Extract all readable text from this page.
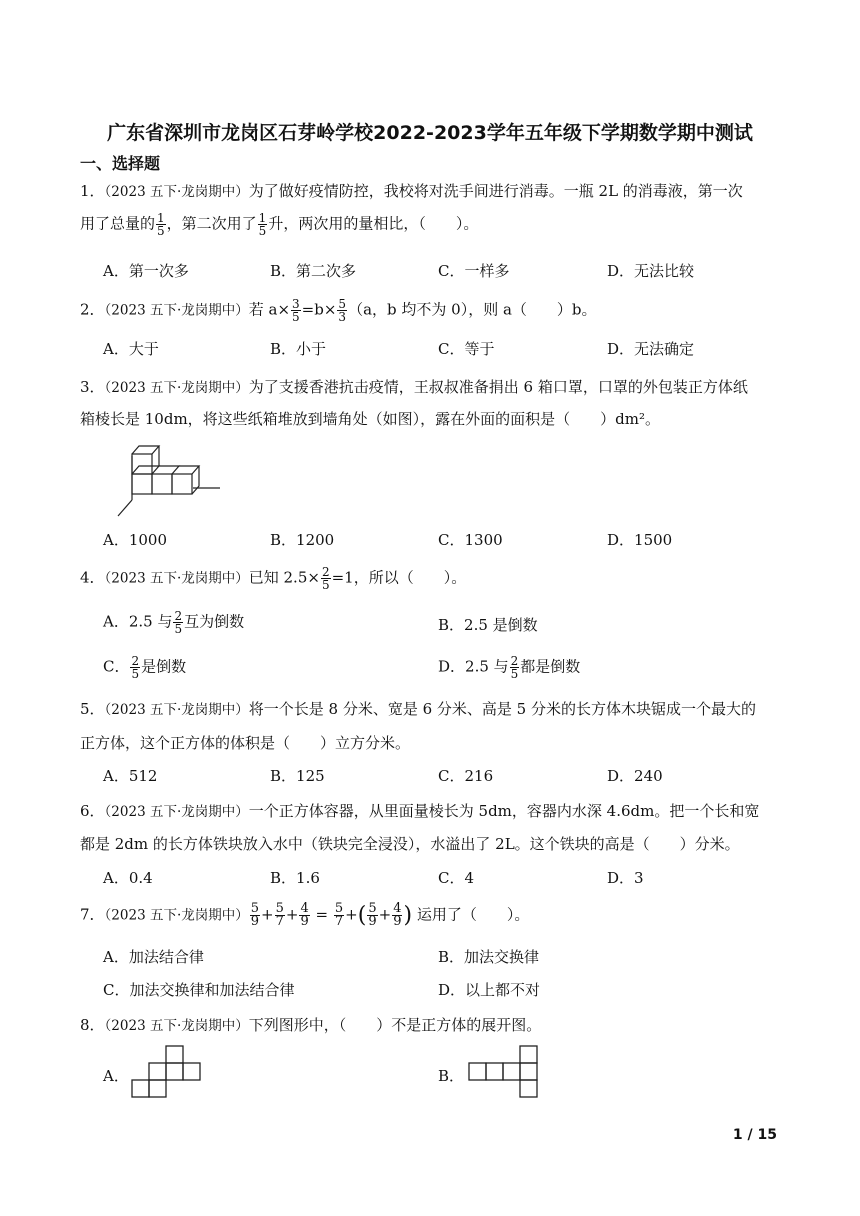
广东省深圳市龙岗区石芽岭学校2022-2023学年五年级下学期数学期中测试
一、选择题
1．（2023 五下·龙岗期中）为了做好疫情防控，我校将对洗手间进行消毒。一瓶 2L 的消毒液，第一次
用了总量的 $\frac{1}{5}$ ，第二次用了 $\frac{1}{5}$ 升，两次用的量相比，（　　）。
A．第一次多	B．第二次多	C．一样多	D．无法比较
2．（2023 五下·龙岗期中）若 $a\times \frac{3}{5} =b\times \frac{5}{3} (a$，b 均不为 0），则 a（　　）b。
A．大于	B．小于	C．等于	D．无法确定
3．（2023 五下·龙岗期中）为了支援香港抗击疫情，王叔叔准备捐出 6 箱口罩，口罩的外包装正方体纸
箱棱长是 10dm，将这些纸箱堆放到墙角处（如图），露在外面的面积是（　　）dm²。
A．1000	B．1200	C．1300	D．1500
4．（2023 五下·龙岗期中）已知 $2.5\times \frac{2}{5} =1$，所以（　　）。
A．2.5 与 $\frac{2}{5}$ 互为倒数	B．2.5 是倒数
C． $\frac{2}{5}$ 是倒数	D．2.5 与 $\frac{2}{5}$ 都是倒数
5．（2023 五下·龙岗期中）将一个长是 8 分米、宽是 6 分米、高是 5 分米的长方体木块锯成一个最大的
正方体，这个正方体的体积是（　　）立方分米。
A．512	B．125	C．216	D．240
6．（2023 五下·龙岗期中）一个正方体容器，从里面量棱长为 5dm，容器内水深 4.6dm。把一个长和宽
都是 2dm 的长方体铁块放入水中（铁块完全浸没），水溢出了 2L。这个铁块的高是（　　）分米。
A．0.4	B．1.6	C．4	D．3
7．（2023 五下·龙岗期中） $\frac{5}{9} + \frac{5}{7} + \frac{4}{9} = \frac{5}{7}$ +( $\frac{5}{9} + \frac{4}{9}$ ) 运用了（　　）。
A．加法结合律	B．加法交换律
C．加法交换律和加法结合律	D．以上都不对
8．（2023 五下·龙岗期中）下列图形中，（　　）不是正方体的展开图。
A．	B．
1 / 15
